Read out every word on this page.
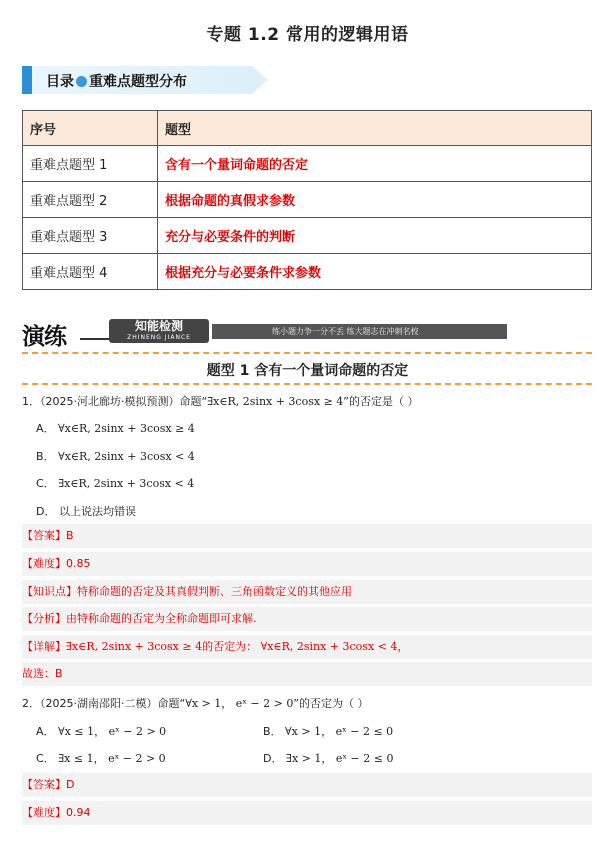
专题 1.2 常用的逻辑用语
目录 重难点题型分布
序号	题型
重难点题型 1	含有一个量词命题的否定
重难点题型 2	根据命题的真假求参数
重难点题型 3	充分与必要条件的判断
重难点题型 4	根据充分与必要条件求参数
演练	知能检测
ZHINENG JIANCE
练小题力争一分不丢 练大题志在冲刺名校
题型 1 含有一个量词命题的否定
1．（2025·河北廊坊·模拟预测）命题“∃x∈R, 2sinx + 3cosx ≥ 4”的否定是（ ）
A． ∀x∈R, 2sinx + 3cosx ≥ 4
B． ∀x∈R, 2sinx + 3cosx < 4
C． ∃x∈R, 2sinx + 3cosx < 4
D． 以上说法均错误
【答案】B
【难度】0.85
【知识点】特称命题的否定及其真假判断、三角函数定义的其他应用
【分析】由特称命题的否定为全称命题即可求解.
【详解】∃x∈R, 2sinx + 3cosx ≥ 4的否定为： ∀x∈R, 2sinx + 3cosx < 4，
故选：B
2．（2025·湖南邵阳·二模）命题“∀x > 1， eˣ − 2 > 0”的否定为（ ）
A． ∀x ≤ 1， eˣ − 2 > 0	B． ∀x > 1， eˣ − 2 ≤ 0
C． ∃x ≤ 1， eˣ − 2 > 0	D． ∃x > 1， eˣ − 2 ≤ 0
【答案】D
【难度】0.94
